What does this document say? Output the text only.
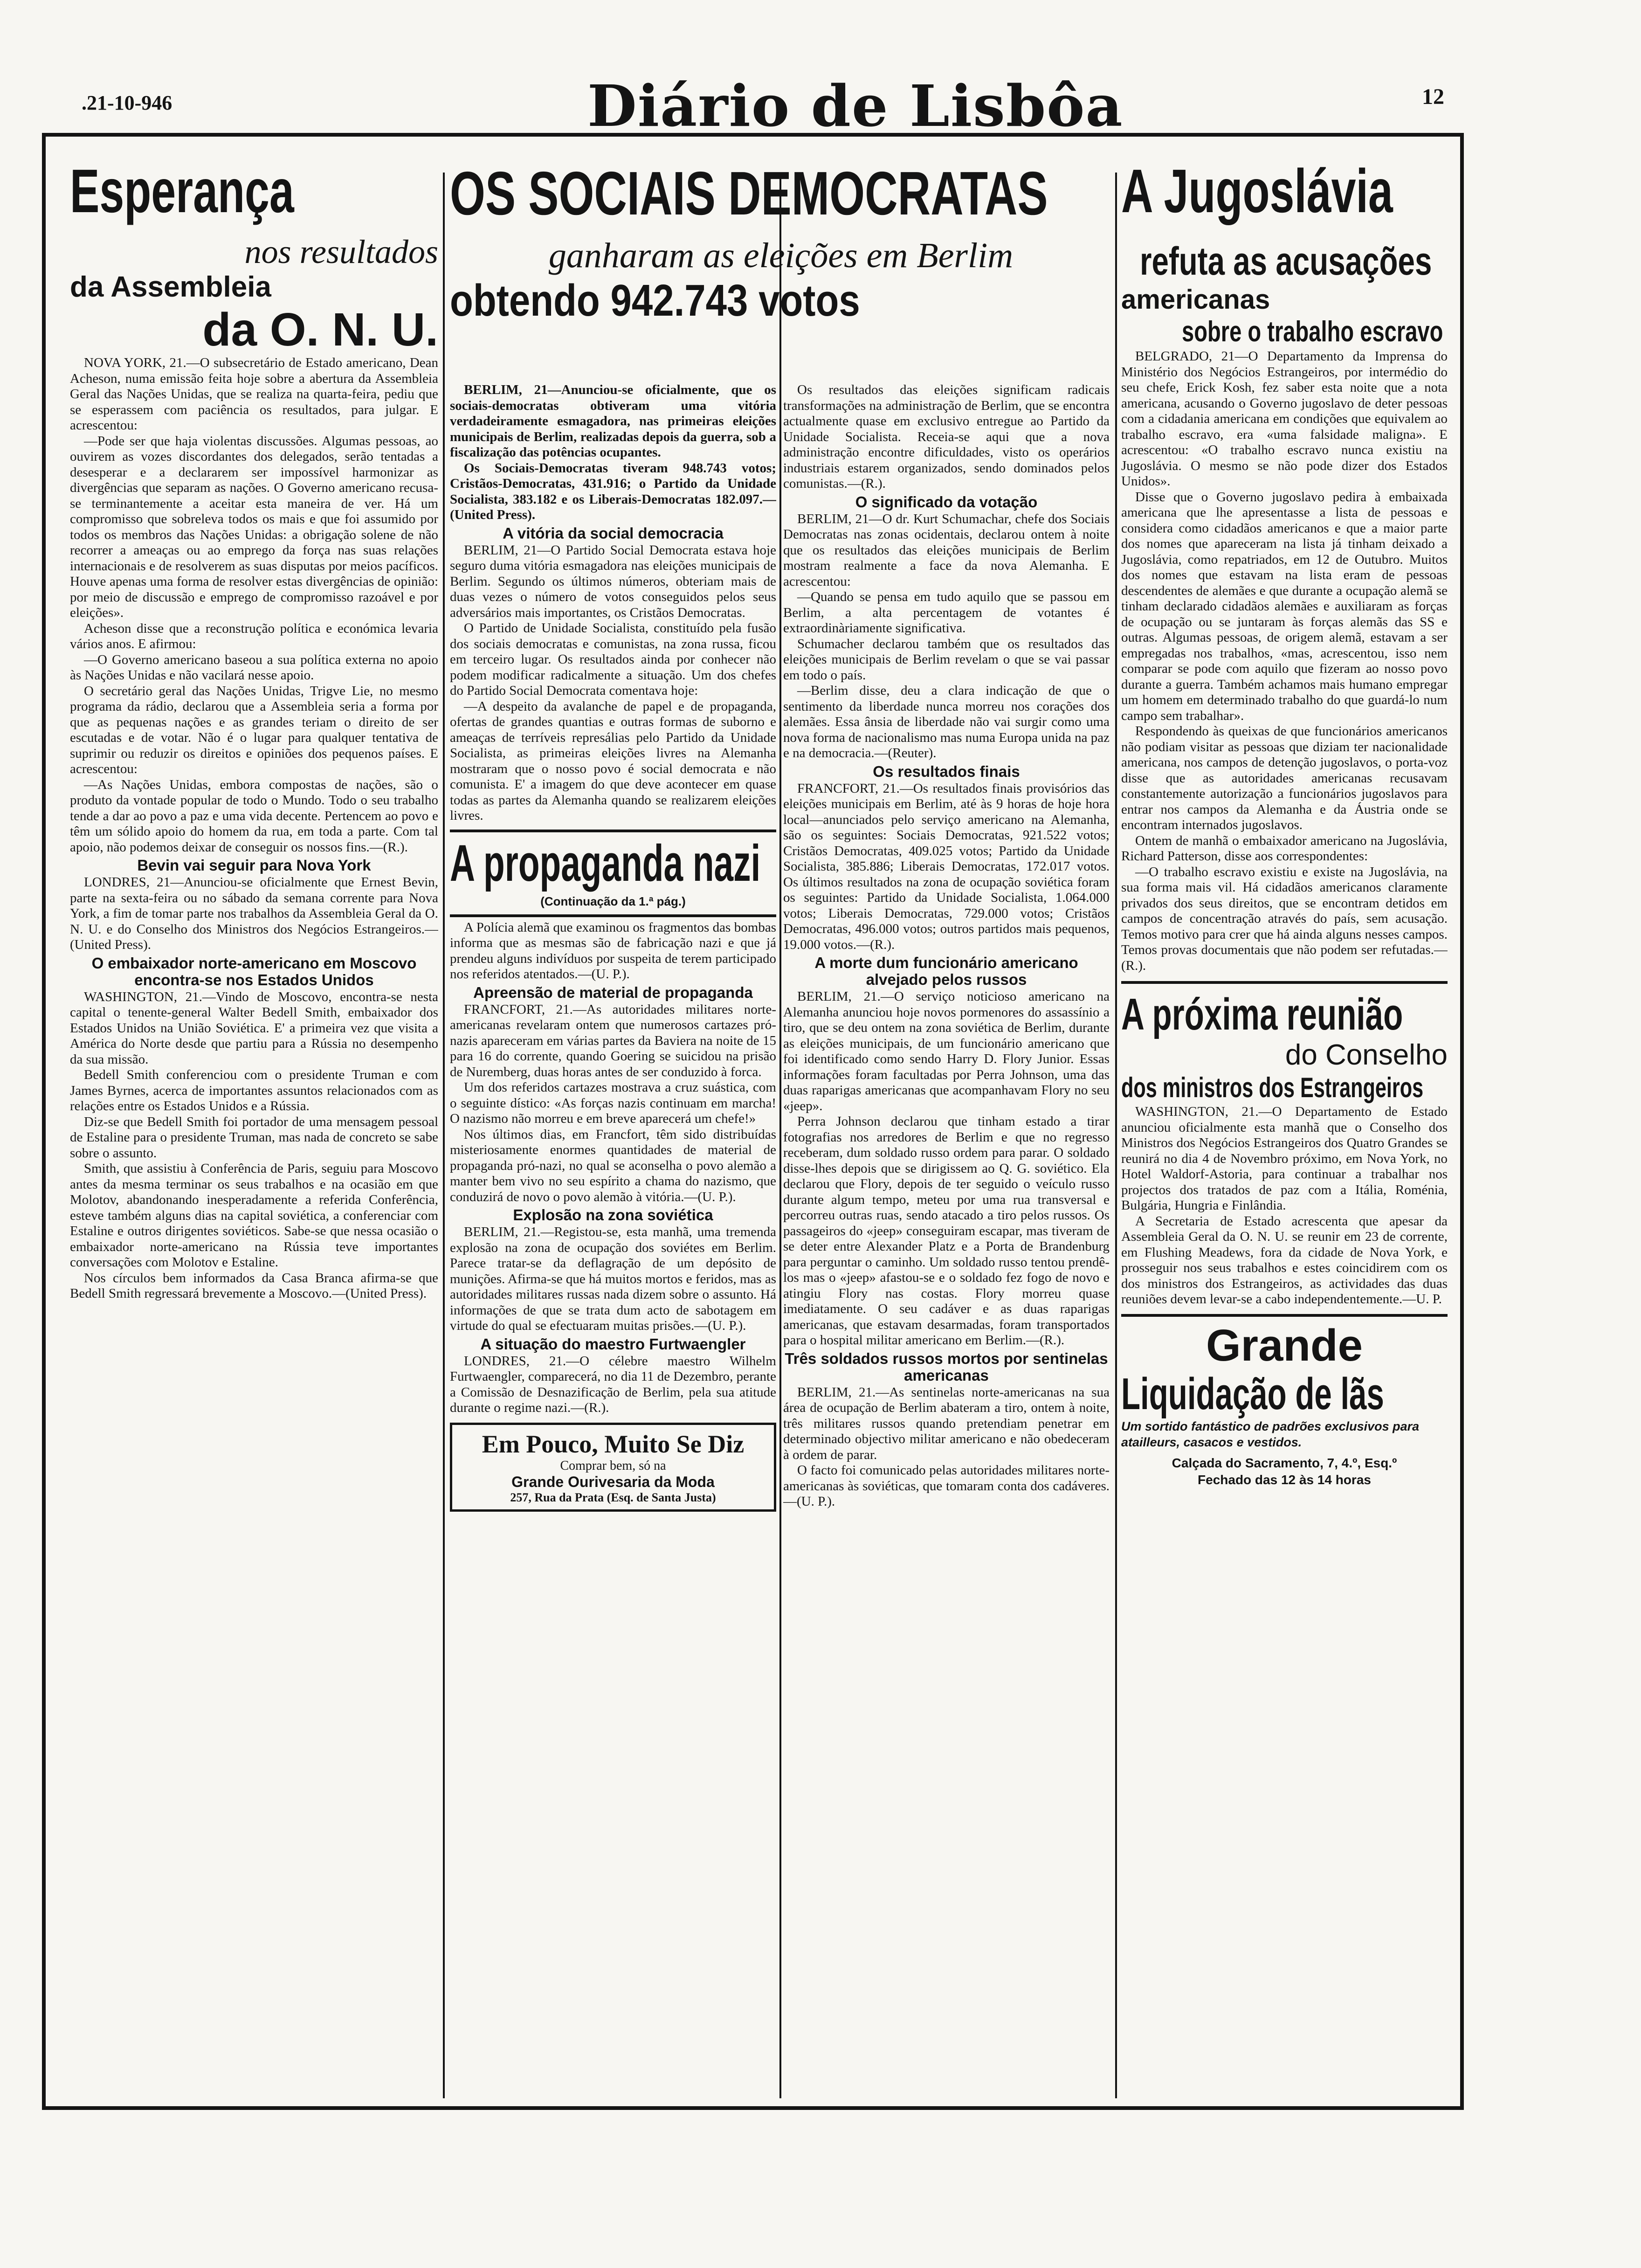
.21-10-946	Diário de Lisbôa	12
Esperança
nos resultados
da Assembleia
da O. N. U.

NOVA YORK, 21.—O subsecretário de Estado americano, Dean Acheson, numa emissão feita hoje sobre a abertura da Assembleia Geral das Nações Unidas, que se realiza na quarta-feira, pediu que se esperassem com paciência os resultados, para julgar. E acrescentou:

—Pode ser que haja violentas discussões. Algumas pessoas, ao ouvirem as vozes discordantes dos delegados, serão tentadas a desesperar e a declararem ser impossível harmonizar as divergências que separam as nações. O Governo americano recusa-se terminantemente a aceitar esta maneira de ver. Há um compromisso que sobreleva todos os mais e que foi assumido por todos os membros das Nações Unidas: a obrigação solene de não recorrer a ameaças ou ao emprego da força nas suas relações internacionais e de resolverem as suas disputas por meios pacíficos. Houve apenas uma forma de resolver estas divergências de opinião: por meio de discussão e emprego de compromisso razoável e por eleições».

Acheson disse que a reconstrução política e económica levaria vários anos. E afirmou:

—O Governo americano baseou a sua política externa no apoio às Nações Unidas e não vacilará nesse apoio.

O secretário geral das Nações Unidas, Trigve Lie, no mesmo programa da rádio, declarou que a Assembleia seria a forma por que as pequenas nações e as grandes teriam o direito de ser escutadas e de votar. Não é o lugar para qualquer tentativa de suprimir ou reduzir os direitos e opiniões dos pequenos países. E acrescentou:

—As Nações Unidas, embora compostas de nações, são o produto da vontade popular de todo o Mundo. Todo o seu trabalho tende a dar ao povo a paz e uma vida decente. Pertencem ao povo e têm um sólido apoio do homem da rua, em toda a parte. Com tal apoio, não podemos deixar de conseguir os nossos fins.—(R.).

Bevin vai seguir para Nova York

LONDRES, 21—Anunciou-se oficialmente que Ernest Bevin, parte na sexta-feira ou no sábado da semana corrente para Nova York, a fim de tomar parte nos trabalhos da Assembleia Geral da O. N. U. e do Conselho dos Ministros dos Negócios Estrangeiros.—(United Press).

O embaixador norte-americano em Moscovo encontra-se nos Estados Unidos

WASHINGTON, 21.—Vindo de Moscovo, encontra-se nesta capital o tenente-general Walter Bedell Smith, embaixador dos Estados Unidos na União Soviética. E' a primeira vez que visita a América do Norte desde que partiu para a Rússia no desempenho da sua missão.

Bedell Smith conferenciou com o presidente Truman e com James Byrnes, acerca de importantes assuntos relacionados com as relações entre os Estados Unidos e a Rússia.

Diz-se que Bedell Smith foi portador de uma mensagem pessoal de Estaline para o presidente Truman, mas nada de concreto se sabe sobre o assunto.

Smith, que assistiu à Conferência de Paris, seguiu para Moscovo antes da mesma terminar os seus trabalhos e na ocasião em que Molotov, abandonando inesperadamente a referida Conferência, esteve também alguns dias na capital soviética, a conferenciar com Estaline e outros dirigentes soviéticos. Sabe-se que nessa ocasião o embaixador norte-americano na Rússia teve importantes conversações com Molotov e Estaline.

Nos círculos bem informados da Casa Branca afirma-se que Bedell Smith regressará brevemente a Moscovo.—(United Press).

OS SOCIAIS DEMOCRATAS
ganharam as eleições em Berlim
obtendo 942.743 votos

BERLIM, 21—Anunciou-se oficialmente, que os sociais-democratas obtiveram uma vitória verdadeiramente esmagadora, nas primeiras eleições municipais de Berlim, realizadas depois da guerra, sob a fiscalização das potências ocupantes.

Os Sociais-Democratas tiveram 948.743 votos; Cristãos-Democratas, 431.916; o Partido da Unidade Socialista, 383.182 e os Liberais-Democratas 182.097.—(United Press).

A vitória da social democracia

BERLIM, 21—O Partido Social Democrata estava hoje seguro duma vitória esmagadora nas eleições municipais de Berlim. Segundo os últimos números, obteriam mais de duas vezes o número de votos conseguidos pelos seus adversários mais importantes, os Cristãos Democratas.

O Partido de Unidade Socialista, constituído pela fusão dos sociais democratas e comunistas, na zona russa, ficou em terceiro lugar. Os resultados ainda por conhecer não podem modificar radicalmente a situação. Um dos chefes do Partido Social Democrata comentava hoje:

—A despeito da avalanche de papel e de propaganda, ofertas de grandes quantias e outras formas de suborno e ameaças de terríveis represálias pelo Partido da Unidade Socialista, as primeiras eleições livres na Alemanha mostraram que o nosso povo é social democrata e não comunista. E' a imagem do que deve acontecer em quase todas as partes da Alemanha quando se realizarem eleições livres.

A propaganda nazi
(Continuação da 1.ª pág.)

A Polícia alemã que examinou os fragmentos das bombas informa que as mesmas são de fabricação nazi e que já prendeu alguns indivíduos por suspeita de terem participado nos referidos atentados.—(U. P.).

Apreensão de material de propaganda

FRANCFORT, 21.—As autoridades militares norte-americanas revelaram ontem que numerosos cartazes pró-nazis apareceram em várias partes da Baviera na noite de 15 para 16 do corrente, quando Goering se suicidou na prisão de Nuremberg, duas horas antes de ser conduzido à forca.

Um dos referidos cartazes mostrava a cruz suástica, com o seguinte dístico: «As forças nazis continuam em marcha! O nazismo não morreu e em breve aparecerá um chefe!»

Nos últimos dias, em Francfort, têm sido distribuídas misteriosamente enormes quantidades de material de propaganda pró-nazi, no qual se aconselha o povo alemão a manter bem vivo no seu espírito a chama do nazismo, que conduzirá de novo o povo alemão à vitória.—(U. P.).

Explosão na zona soviética

BERLIM, 21.—Registou-se, esta manhã, uma tremenda explosão na zona de ocupação dos soviétes em Berlim. Parece tratar-se da deflagração de um depósito de munições. Afirma-se que há muitos mortos e feridos, mas as autoridades militares russas nada dizem sobre o assunto. Há informações de que se trata dum acto de sabotagem em virtude do qual se efectuaram muitas prisões.—(U. P.).

A situação do maestro Furtwaengler

LONDRES, 21.—O célebre maestro Wilhelm Furtwaengler, comparecerá, no dia 11 de Dezembro, perante a Comissão de Desnazificação de Berlim, pela sua atitude durante o regime nazi.—(R.).

Em Pouco, Muito Se Diz
Comprar bem, só na
Grande Ourivesaria da Moda
257, Rua da Prata (Esq. de Santa Justa)

Os resultados das eleições significam radicais transformações na administração de Berlim, que se encontra actualmente quase em exclusivo entregue ao Partido da Unidade Socialista. Receia-se aqui que a nova administração encontre dificuldades, visto os operários industriais estarem organizados, sendo dominados pelos comunistas.—(R.).

O significado da votação

BERLIM, 21—O dr. Kurt Schumachar, chefe dos Sociais Democratas nas zonas ocidentais, declarou ontem à noite que os resultados das eleições municipais de Berlim mostram realmente a face da nova Alemanha. E acrescentou:

—Quando se pensa em tudo aquilo que se passou em Berlim, a alta percentagem de votantes é extraordinàriamente significativa.

Schumacher declarou também que os resultados das eleições municipais de Berlim revelam o que se vai passar em todo o país.

—Berlim disse, deu a clara indicação de que o sentimento da liberdade nunca morreu nos corações dos alemães. Essa ânsia de liberdade não vai surgir como uma nova forma de nacionalismo mas numa Europa unida na paz e na democracia.—(Reuter).

Os resultados finais

FRANCFORT, 21.—Os resultados finais provisórios das eleições municipais em Berlim, até às 9 horas de hoje hora local—anunciados pelo serviço americano na Alemanha, são os seguintes: Sociais Democratas, 921.522 votos; Cristãos Democratas, 409.025 votos; Partido da Unidade Socialista, 385.886; Liberais Democratas, 172.017 votos. Os últimos resultados na zona de ocupação soviética foram os seguintes: Partido da Unidade Socialista, 1.064.000 votos; Liberais Democratas, 729.000 votos; Cristãos Democratas, 496.000 votos; outros partidos mais pequenos, 19.000 votos.—(R.).

A morte dum funcionário americano alvejado pelos russos

BERLIM, 21.—O serviço noticioso americano na Alemanha anunciou hoje novos pormenores do assassínio a tiro, que se deu ontem na zona soviética de Berlim, durante as eleições municipais, de um funcionário americano que foi identificado como sendo Harry D. Flory Junior. Essas informações foram facultadas por Perra Johnson, uma das duas raparigas americanas que acompanhavam Flory no seu «jeep».

Perra Johnson declarou que tinham estado a tirar fotografias nos arredores de Berlim e que no regresso receberam, dum soldado russo ordem para parar. O soldado disse-lhes depois que se dirigissem ao Q. G. soviético. Ela declarou que Flory, depois de ter seguido o veículo russo durante algum tempo, meteu por uma rua transversal e percorreu outras ruas, sendo atacado a tiro pelos russos. Os passageiros do «jeep» conseguiram escapar, mas tiveram de se deter entre Alexander Platz e a Porta de Brandenburg para perguntar o caminho. Um soldado russo tentou prendê-los mas o «jeep» afastou-se e o soldado fez fogo de novo e atingiu Flory nas costas. Flory morreu quase imediatamente. O seu cadáver e as duas raparigas americanas, que estavam desarmadas, foram transportados para o hospital militar americano em Berlim.—(R.).

Três soldados russos mortos por sentinelas americanas

BERLIM, 21.—As sentinelas norte-americanas na sua área de ocupação de Berlim abateram a tiro, ontem à noite, três militares russos quando pretendiam penetrar em determinado objectivo militar americano e não obedeceram à ordem de parar.

O facto foi comunicado pelas autoridades militares norte-americanas às soviéticas, que tomaram conta dos cadáveres.—(U. P.).

A Jugoslávia
refuta as acusações
americanas
sobre o trabalho escravo

BELGRADO, 21—O Departamento da Imprensa do Ministério dos Negócios Estrangeiros, por intermédio do seu chefe, Erick Kosh, fez saber esta noite que a nota americana, acusando o Governo jugoslavo de deter pessoas com a cidadania americana em condições que equivalem ao trabalho escravo, era «uma falsidade maligna». E acrescentou: «O trabalho escravo nunca existiu na Jugoslávia. O mesmo se não pode dizer dos Estados Unidos».

Disse que o Governo jugoslavo pedira à embaixada americana que lhe apresentasse a lista de pessoas e considera como cidadãos americanos e que a maior parte dos nomes que apareceram na lista já tinham deixado a Jugoslávia, como repatriados, em 12 de Outubro. Muitos dos nomes que estavam na lista eram de pessoas descendentes de alemães e que durante a ocupação alemã se tinham declarado cidadãos alemães e auxiliaram as forças de ocupação ou se juntaram às forças alemãs das SS e outras. Algumas pessoas, de origem alemã, estavam a ser empregadas nos trabalhos, «mas, acrescentou, isso nem comparar se pode com aquilo que fizeram ao nosso povo durante a guerra. Também achamos mais humano empregar um homem em determinado trabalho do que guardá-lo num campo sem trabalhar».

Respondendo às queixas de que funcionários americanos não podiam visitar as pessoas que diziam ter nacionalidade americana, nos campos de detenção jugoslavos, o porta-voz disse que as autoridades americanas recusavam constantemente autorização a funcionários jugoslavos para entrar nos campos da Alemanha e da Áustria onde se encontram internados jugoslavos.

Ontem de manhã o embaixador americano na Jugoslávia, Richard Patterson, disse aos correspondentes:

—O trabalho escravo existiu e existe na Jugoslávia, na sua forma mais vil. Há cidadãos americanos claramente privados dos seus direitos, que se encontram detidos em campos de concentração através do país, sem acusação. Temos motivo para crer que há ainda alguns nesses campos. Temos provas documentais que não podem ser refutadas.—(R.).

A próxima reunião
do Conselho
dos ministros dos Estrangeiros

WASHINGTON, 21.—O Departamento de Estado anunciou oficialmente esta manhã que o Conselho dos Ministros dos Negócios Estrangeiros dos Quatro Grandes se reunirá no dia 4 de Novembro próximo, em Nova York, no Hotel Waldorf-Astoria, para continuar a trabalhar nos projectos dos tratados de paz com a Itália, Roménia, Bulgária, Hungria e Finlândia.

A Secretaria de Estado acrescenta que apesar da Assembleia Geral da O. N. U. se reunir em 23 de corrente, em Flushing Meadews, fora da cidade de Nova York, e prosseguir nos seus trabalhos e estes coincidirem com os dos ministros dos Estrangeiros, as actividades das duas reuniões devem levar-se a cabo independentemente.—U. P.

Grande
Liquidação de lãs
Um sortido fantástico de padrões exclusivos para atailleurs, casacos e vestidos.
Calçada do Sacramento, 7, 4.º, Esq.º
Fechado das 12 às 14 horas
